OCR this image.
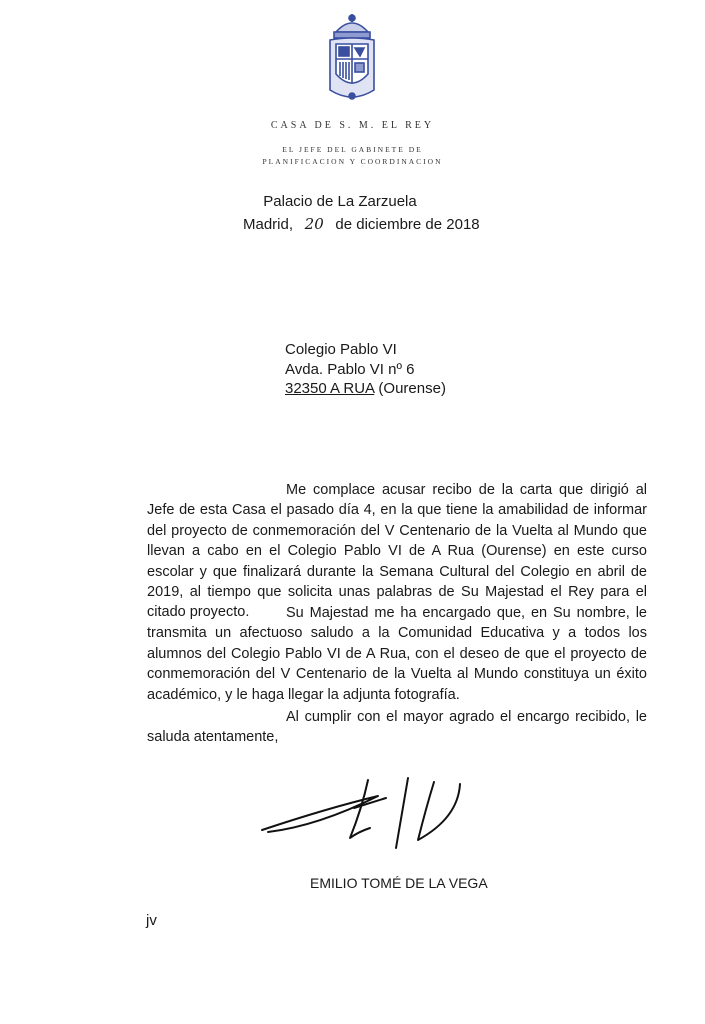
CASA DE S. M. EL REY
EL JEFE DEL GABINETE DE
PLANIFICACION Y COORDINACION
Palacio de La Zarzuela
Madrid, 20 de diciembre de 2018
Colegio Pablo VI
Avda. Pablo VI nº 6
32350 A RUA (Ourense)

Me complace acusar recibo de la carta que dirigió al Jefe de esta Casa el pasado día 4, en la que tiene la amabilidad de informar del proyecto de conmemoración del V Centenario de la Vuelta al Mundo que llevan a cabo en el Colegio Pablo VI de A Rua (Ourense) en este curso escolar y que finalizará durante la Semana Cultural del Colegio en abril de 2019, al tiempo que solicita unas palabras de Su Majestad el Rey para el citado proyecto.	Su Majestad me ha encargado que, en Su nombre, le transmita un afectuoso saludo a la Comunidad Educativa y a todos los alumnos del Colegio Pablo VI de A Rua, con el deseo de que el proyecto de conmemoración del V Centenario de la Vuelta al Mundo constituya un éxito académico, y le haga llegar la adjunta fotografía.

Al cumplir con el mayor agrado el encargo recibido, le saluda atentamente,

EMILIO TOMÉ DE LA VEGA
jv
